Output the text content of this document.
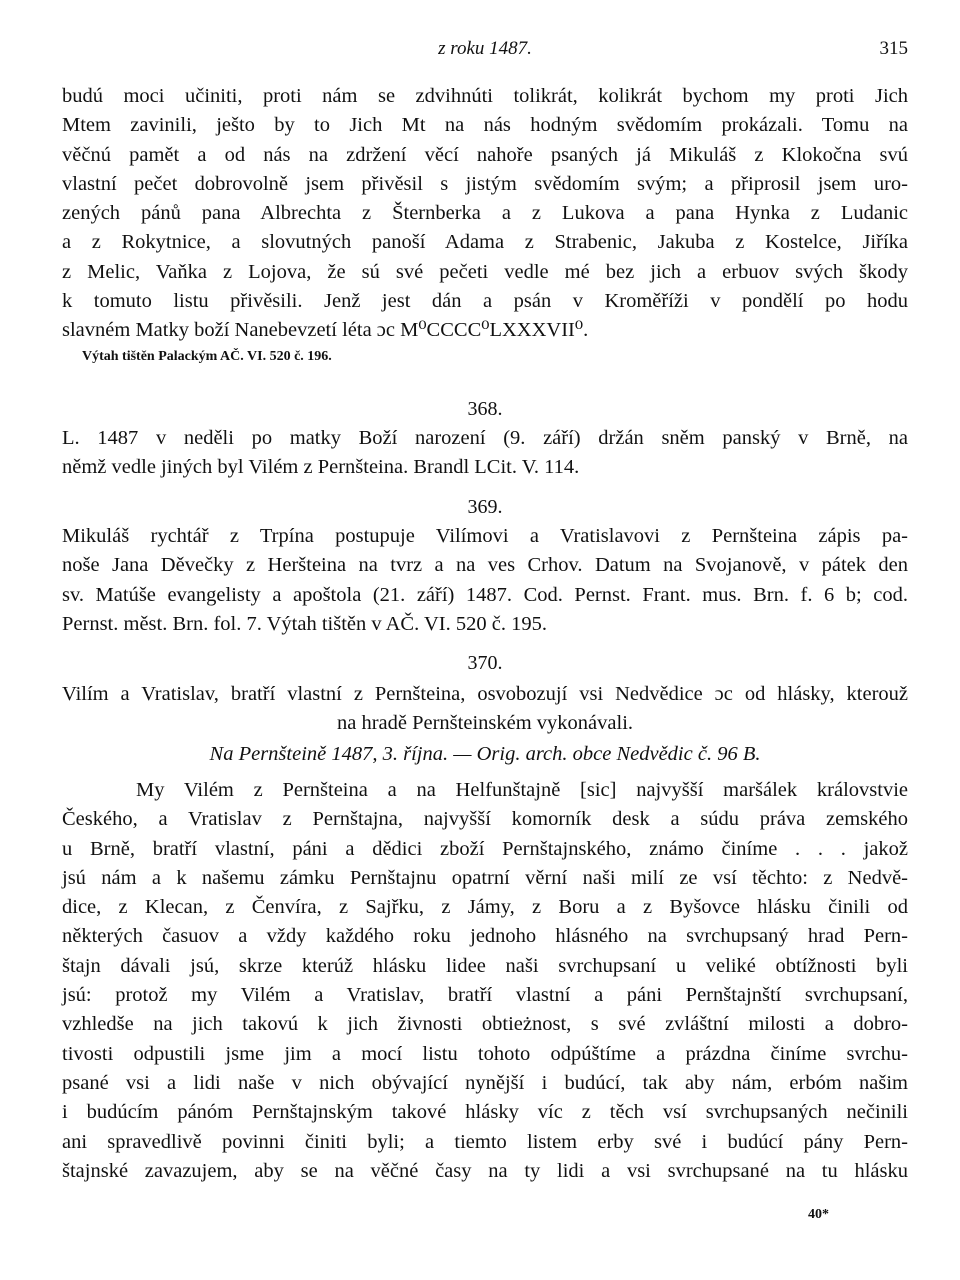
z roku 1487.	315
budú moci učiniti, proti nám se zdvihnúti tolikrát, kolikrát bychom my proti Jich
Mtem zavinili, ješto by to Jich Mt na nás hodným svědomím prokázali. Tomu na
věčnú pamět a od nás na zdržení věcí nahoře psaných já Mikuláš z Klokočna svú
vlastní pečet dobrovolně jsem přivěsil s jistým svědomím svým; a připrosil jsem uro-
zených pánů pana Albrechta z Šternberka a z Lukova a pana Hynka z Ludanic
a z Rokytnice, a slovutných panoší Adama z Strabenic, Jakuba z Kostelce, Jiříka
z Melic, Vaňka z Lojova, že sú své pečeti vedle mé bez jich a erbuov svých škody
k tomuto listu přivěsili. Jenž jest dán a psán v Kroměříži v pondělí po hodu
slavném Matky boží Nanebevzetí léta ɔc M⁰CCCC⁰LXXXVII⁰.
Výtah tištěn Palackým AČ. VI. 520 č. 196.
368.
L. 1487 v neděli po matky Boží narození (9. září) držán sněm panský v Brně, na
němž vedle jiných byl Vilém z Pernšteina. Brandl LCit. V. 114.
369.
Mikuláš rychtář z Trpína postupuje Vilímovi a Vratislavovi z Pernšteina zápis pa-
nošе Jana Děvečky z Heršteina na tvrz a na ves Crhov. Datum na Svojanově, v pátek den
sv. Matúše evangelisty a apoštola (21. září) 1487. Cod. Pernst. Frant. mus. Brn. f. 6 b; cod.
Pernst. měst. Brn. fol. 7. Výtah tištěn v AČ. VI. 520 č. 195.
370.
Vilím a Vratislav, bratří vlastní z Pernšteina, osvobozují vsi Nedvědice ɔc od hlásky, kterouž
na hradě Pernšteinském vykonávali.
Na Pernšteině 1487, 3. října. — Orig. arch. obce Nedvědic č. 96 B.
My Vilém z Pernšteina a na Helfunštajně [sic] najvyšší maršálek královstvie
Českého, a Vratislav z Pernštajna, najvyšší komorník desk a súdu práva zemského
u Brně, bratří vlastní, páni a dědici zboží Pernštajnského, známo činíme . . . jakož
jsú nám a k našemu zámku Pernštajnu opatrní věrní naši milí ze vsí těchto: z Nedvě-
dice, z Klecan, z Čenvíra, z Sajřku, z Jámy, z Boru a z Byšovce hlásku činili od
některých časuov a vždy každého roku jednoho hlásného na svrchupsaný hrad Pern-
štajn dávali jsú, skrze kterúž hlásku lidee naši svrchupsaní u veliké obtížnosti byli
jsú: protož my Vilém a Vratislav, bratří vlastní a páni Pernštajnští svrchupsaní,
vzhledše na jich takovú k jich živnosti obtieżnost, s své zvláštní milosti a dobro-
tivosti odpustili jsme jim a mocí listu tohoto odpúštíme a prázdna činíme svrchu-
psané vsi a lidi naše v nich obývající nynější i budúcí, tak aby nám, erbóm našim
i budúcím pánóm Pernštajnským takové hlásky víc z těch vsí svrchupsaných nečinili
ani spravedlivě povinni činiti byli; a tiemto listem erby své i budúcí pány Pern-
štajnské zavazujem, aby se na věčné časy na ty lidi a vsi svrchupsané na tu hlásku
40*
